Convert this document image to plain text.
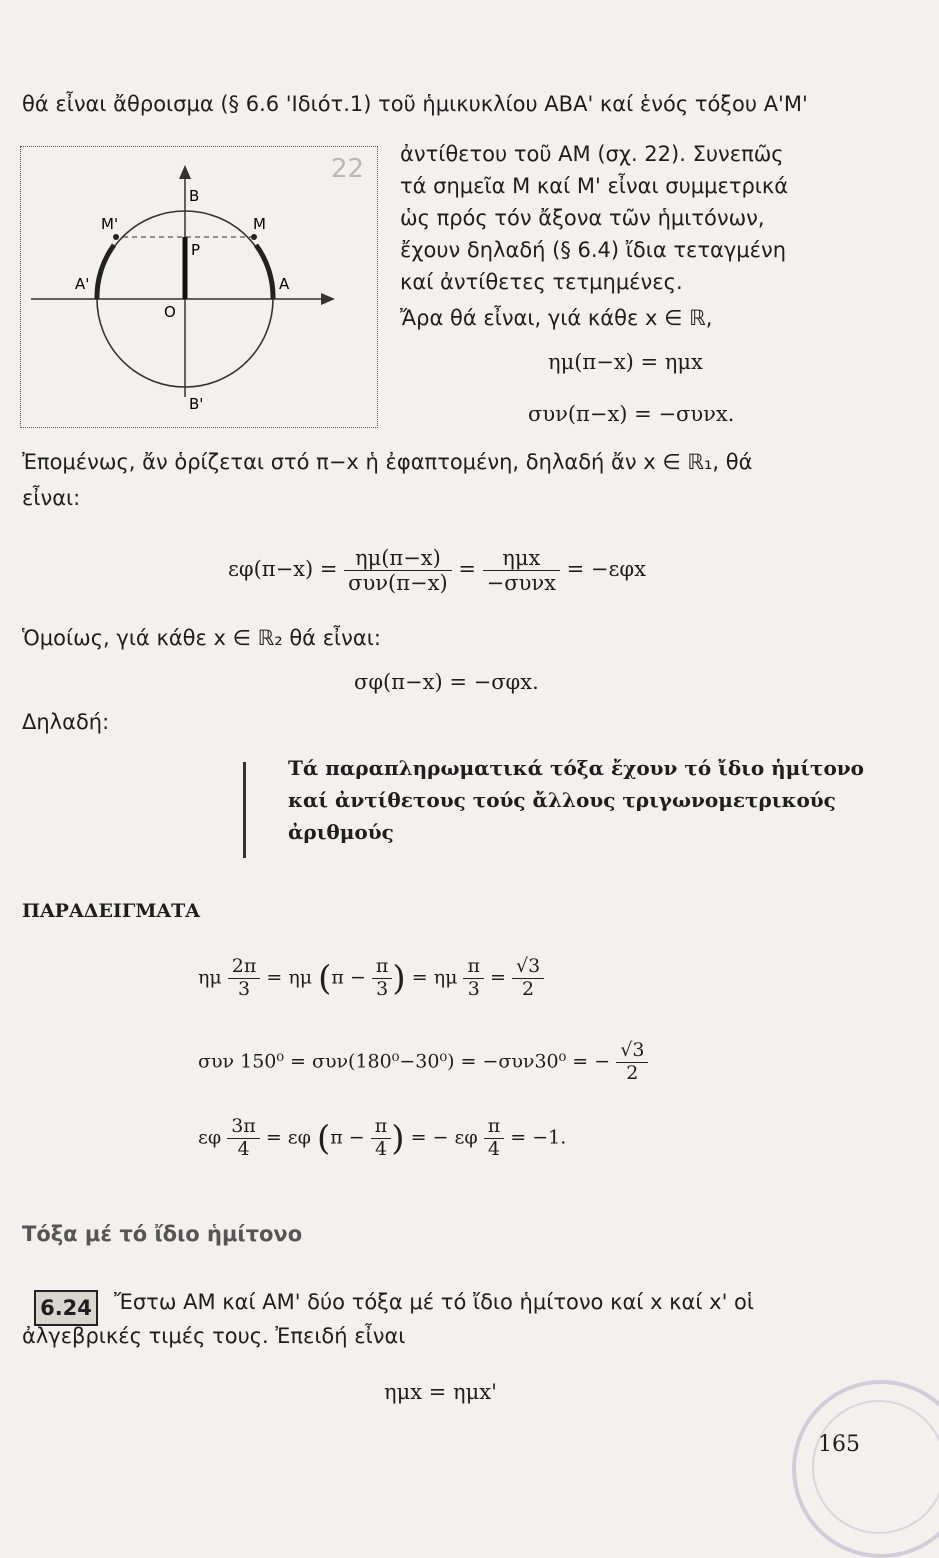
θά εἶναι ἄθροισμα (§ 6.6 'Ιδιότ.1) τοῦ ἡμικυκλίου ΑΒΑ' καί ἑνός τόξου Α'Μ'
22
B
B'
A
A'
M
M'
O
P
ἀντίθετου τοῦ ΑΜ (σχ. 22). Συνεπῶς
τά σημεῖα Μ καί Μ' εἶναι συμμετρικά
ὡς πρός τόν ἄξονα τῶν ἡμιτόνων,
ἔχουν δηλαδή (§ 6.4) ἴδια τεταγμένη
καί ἀντίθετες τετμημένες.
Ἄρα θά εἶναι, γιά κάθε x ∈ ℝ,
ημ(π−x) = ημx
συν(π−x) = −συνx.
Ἐπομένως, ἄν ὁρίζεται στό π−x ἡ ἐφαπτομένη, δηλαδή ἄν x ∈ ℝ₁, θά
εἶναι:
$\varepsilon\varphi(\pi-x) = \frac{\eta\mu(\pi-x)}{\text{συν(π−x)}} = \frac{\text{ημx}}{\text{−συνx}} = -\varepsilon\varphi x$
Ὁμοίως, γιά κάθε x ∈ ℝ₂ θά εἶναι:
σφ(π−x) = −σφx.
Δηλαδή:
Τά παραπληρωματικά τόξα ἔχουν τό ἴδιο ἡμίτονο
καί ἀντίθετους τούς ἄλλους τριγωνομετρικούς
ἀριθμούς
ΠΑΡΑΔΕΙΓΜΑΤΑ
ημ $\frac{2\pi}{3} = \eta\mu$ ($\pi - \frac{\pi}{3}$ ) = ημ $\frac{\pi}{3} = \frac{√3}{2}$
συν 150⁰ = συν(180⁰−30⁰) = −συν30⁰ = − $\frac{√3}{2}$
εφ $\frac{3\pi}{4} = \varepsilon\varphi$ ($\pi - \frac{\pi}{4}$ ) = − εφ $\frac{\pi}{4} = -1$.
Τόξα μέ τό ἴδιο ἡμίτονο
6.24 Ἔστω ΑΜ καί ΑΜ' δύο τόξα μέ τό ἴδιο ἡμίτονο καί x καί x' οἱ
ἀλγεβρικές τιμές τους. Ἐπειδή εἶναι
ημx = ημx'
165
